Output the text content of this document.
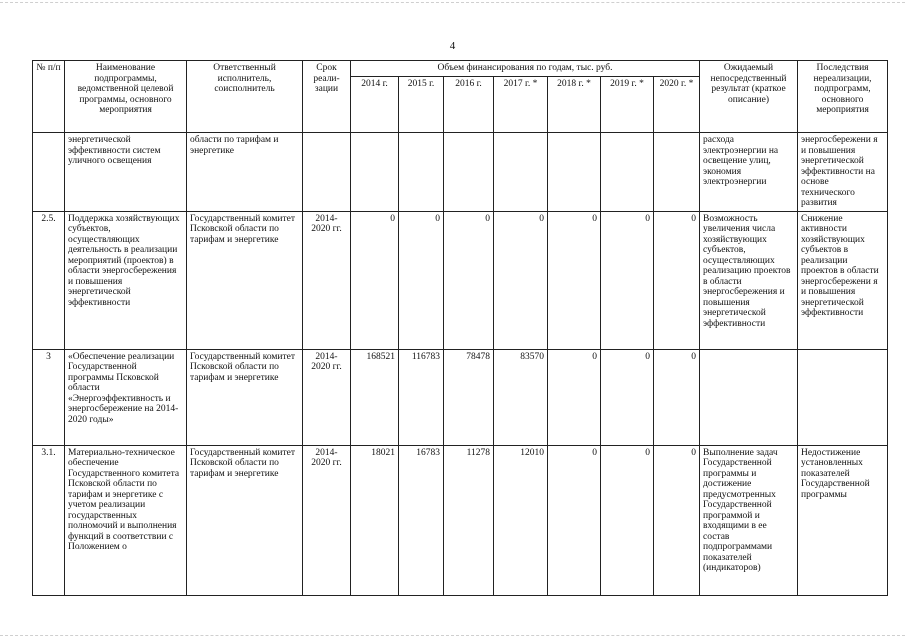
4
№ п/п	Наименование подпрограммы, ведомственной целевой программы, основного мероприятия	Ответственный исполнитель, соисполнитель	Срок реали-зации	Объем финансирования по годам, тыс. руб.							Ожидаемый непосредственный результат (краткое описание)	Последствия нереализации, подпрограмм, основного мероприятия
				2014 г.	2015 г.	2016 г.	2017 г. *	2018 г. *	2019 г. *	2020 г. *		
	энергетической эффективности систем уличного освещения	области по тарифам и энергетике									расхода электроэнергии на освещение улиц, экономия электроэнергии	энергосбережени я и повышения энергетической эффективности на основе технического развития
2.5.	Поддержка хозяйствующих субъектов, осуществляющих деятельность в реализации мероприятий (проектов) в области энергосбережения и повышения энергетической эффективности	Государственный комитет Псковской области по тарифам и энергетике	2014-2020 гг.	0	0	0	0	0	0	0	Возможность увеличения числа хозяйствующих субъектов, осуществляющих реализацию проектов в области энергосбережения и повышения энергетической эффективности	Снижение активности хозяйствующих субъектов в реализации проектов в области энергосбережени я и повышения энергетической эффективности
3	«Обеспечение реализации Государственной программы Псковской области «Энергоэффективность и энергосбережение на 2014-2020 годы»	Государственный комитет Псковской области по тарифам и энергетике	2014-2020 гг.	168521	116783	78478	83570	0	0	0		
3.1.	Материально-техническое обеспечение Государственного комитета Псковской области по тарифам и энергетике с учетом реализации государственных полномочий и выполнения функций в соответствии с Положением о	Государственный комитет Псковской области по тарифам и энергетике	2014-2020 гг.	18021	16783	11278	12010	0	0	0	Выполнение задач Государственной программы и достижение предусмотренных Государственной программой и входящими в ее состав подпрограммами показателей (индикаторов)	Недостижение установленных показателей Государственной программы
